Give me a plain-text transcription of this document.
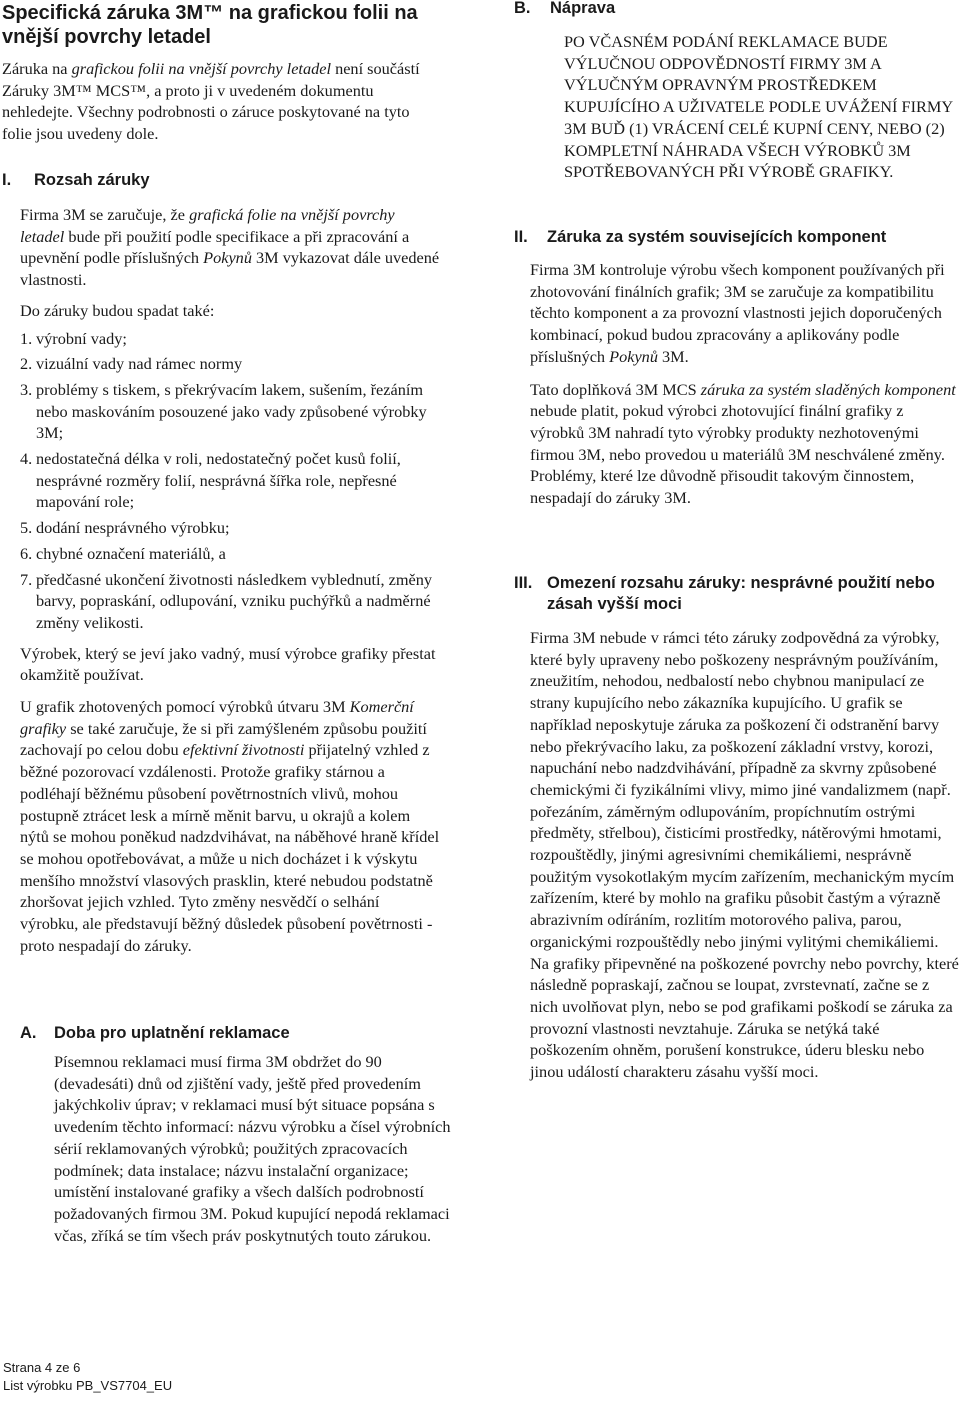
Specifická záruka 3M™ na grafickou folii na vnější povrchy letadel

Záruka na grafickou folii na vnější povrchy letadel není součástí Záruky 3M™ MCS™, a proto ji v uvedeném dokumentu nehledejte. Všechny podrobnosti o záruce poskytované na tyto folie jsou uvedeny dole.

I. Rozsah záruky

Firma 3M se zaručuje, že grafická folie na vnější povrchy letadel bude při použití podle specifikace a při zpracování a upevnění podle příslušných Pokynů 3M vykazovat dále uvedené vlastnosti.

Do záruky budou spadat také:

1. výrobní vady;
2. vizuální vady nad rámec normy
3. problémy s tiskem, s překrývacím lakem, sušením, řezáním nebo maskováním posouzené jako vady způsobené výrobky 3M;
4. nedostatečná délka v roli, nedostatečný počet kusů folií, nesprávné rozměry folií, nesprávná šířka role, nepřesné mapování role;
5. dodání nesprávného výrobku;
6. chybné označení materiálů, a
7. předčasné ukončení životnosti následkem vyblednutí, změny barvy, popraskání, odlupování, vzniku puchýřků a nadměrné změny velikosti.

Výrobek, který se jeví jako vadný, musí výrobce grafiky přestat okamžitě používat.

U grafik zhotovených pomocí výrobků útvaru 3M Komerční grafiky se také zaručuje, že si při zamýšleném způsobu použití zachovají po celou dobu efektivní životnosti přijatelný vzhled z běžné pozorovací vzdálenosti. Protože grafiky stárnou a podléhají běžnému působení povětrnostních vlivů, mohou postupně ztrácet lesk a mírně měnit barvu, u okrajů a kolem nýtů se mohou poněkud nadzdvihávat, na náběhové hraně křídel se mohou opotřebovávat, a může u nich docházet i k výskytu menšího množství vlasových prasklin, které nebudou podstatně zhoršovat jejich vzhled. Tyto změny nesvědčí o selhání výrobku, ale představují běžný důsledek působení povětrnosti - proto nespadají do záruky.

A. Doba pro uplatnění reklamace

Písemnou reklamaci musí firma 3M obdržet do 90 (devadesáti) dnů od zjištění vady, ještě před provedením jakýchkoliv úprav; v reklamaci musí být situace popsána s uvedením těchto informací: názvu výrobku a čísel výrobních sérií reklamovaných výrobků; použitých zpracovacích podmínek; data instalace; názvu instalační organizace; umístění instalované grafiky a všech dalších podrobností požadovaných firmou 3M. Pokud kupující nepodá reklamaci včas, zříká se tím všech práv poskytnutých touto zárukou.

B. Náprava

PO VČASNÉM PODÁNÍ REKLAMACE BUDE VÝLUČNOU ODPOVĚDNOSTÍ FIRMY 3M A VÝLUČNÝM OPRAVNÝM PROSTŘEDKEM KUPUJÍCÍHO A UŽIVATELE PODLE UVÁŽENÍ FIRMY 3M BUĎ (1) VRÁCENÍ CELÉ KUPNÍ CENY, NEBO (2) KOMPLETNÍ NÁHRADA VŠECH VÝROBKŮ 3M SPOTŘEBOVANÝCH PŘI VÝROBĚ GRAFIKY.

II. Záruka za systém souvisejících komponent

Firma 3M kontroluje výrobu všech komponent používaných při zhotovování finálních grafik; 3M se zaručuje za kompatibilitu těchto komponent a za provozní vlastnosti jejich doporučených kombinací, pokud budou zpracovány a aplikovány podle příslušných Pokynů 3M.

Tato doplňková 3M MCS záruka za systém sladěných komponent nebude platit, pokud výrobci zhotovující finální grafiky z výrobků 3M nahradí tyto výrobky produkty nezhotovenými firmou 3M, nebo provedou u materiálů 3M neschválené změny. Problémy, které lze důvodně přisoudit takovým činnostem, nespadají do záruky 3M.

III. Omezení rozsahu záruky: nesprávné použití nebo zásah vyšší moci

Firma 3M nebude v rámci této záruky zodpovědná za výrobky, které byly upraveny nebo poškozeny nesprávným používáním, zneužitím, nehodou, nedbalostí nebo chybnou manipulací ze strany kupujícího nebo zákazníka kupujícího. U grafik se například neposkytuje záruka za poškození či odstranění barvy nebo překrývacího laku, za poškození základní vrstvy, korozi, napuchání nebo nadzdvihávání, případně za skvrny způsobené chemickými či fyzikálními vlivy, mimo jiné vandalizmem (např. pořezáním, záměrným odlupováním, propíchnutím ostrými předměty, střelbou), čisticími prostředky, nátěrovými hmotami, rozpouštědly, jinými agresivními chemikáliemi, nesprávně použitým vysokotlakým mycím zařízením, mechanickým mycím zařízením, které by mohlo na grafiku působit častým a výrazně abrazivním odíráním, rozlitím motorového paliva, parou, organickými rozpouštědly nebo jinými vylitými chemikáliemi. Na grafiky připevněné na poškozené povrchy nebo povrchy, které následně popraskají, začnou se loupat, zvrstevnatí, začne se z nich uvolňovat plyn, nebo se pod grafikami poškodí se záruka za provozní vlastnosti nevztahuje. Záruka se netýká také poškozením ohněm, porušení konstrukce, úderu blesku nebo jinou událostí charakteru zásahu vyšší moci.

Strana 4 ze 6
List výrobku PB_VS7704_EU
